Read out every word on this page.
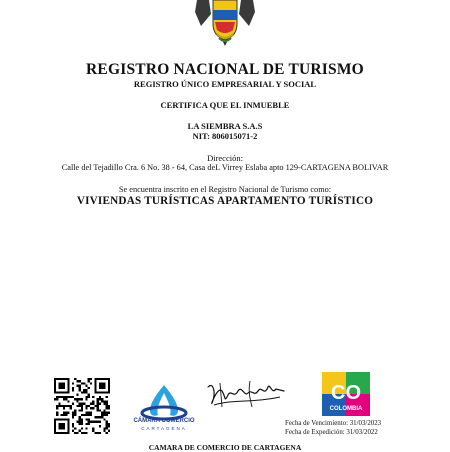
REGISTRO NACIONAL DE TURISMO
REGISTRO ÚNICO EMPRESARIAL Y SOCIAL
CERTIFICA QUE EL INMUEBLE
LA SIEMBRA S.A.S
NIT: 806015071-2
Dirección:
Calle del Tejadillo Cra. 6 No. 38 - 64, Casa deL Virrey Eslaba apto 129-CARTAGENA BOLIVAR
Se encuentra inscrito en el Registro Nacional de Turismo como:
VIVIENDAS TURÍSTICAS APARTAMENTO TURÍSTICO
CÁMARA COMERCIO
CARTAGENA
CO
COLOMBIA
Fecha de Vencimiento: 31/03/2023
Fecha de Expedición: 31/03/2022
CAMARA DE COMERCIO DE CARTAGENA
